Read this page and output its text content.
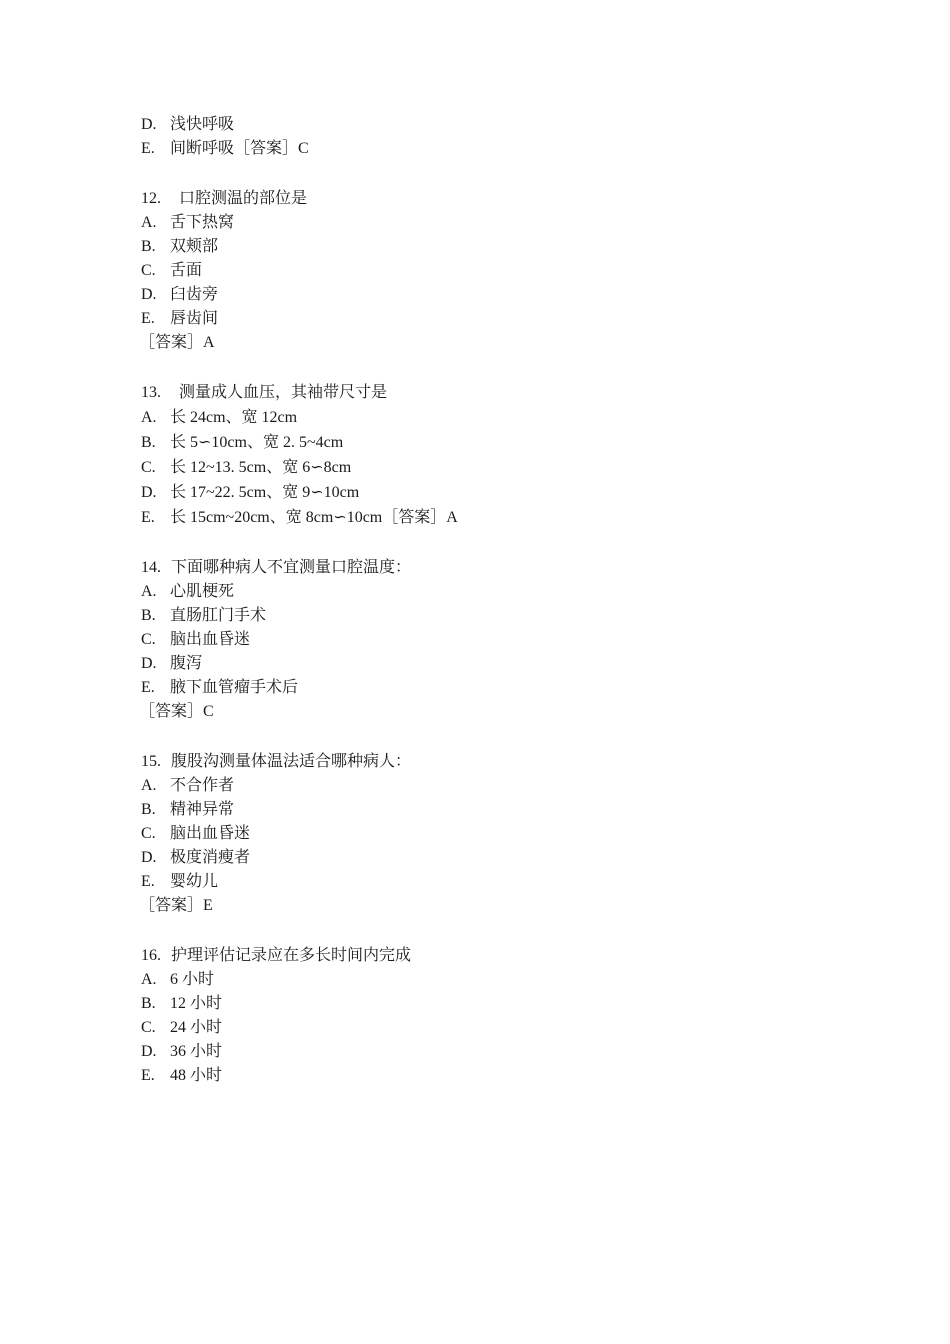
D. 浅快呼吸
E. 间断呼吸［答案］C
12. 口腔测温的部位是
A. 舌下热窝
B. 双颊部
C. 舌面
D. 臼齿旁
E. 唇齿间
［答案］A
13. 测量成人血压，其袖带尺寸是
A. 长 24cm、宽 12cm
B. 长 5∽10cm、宽 2. 5~4cm
C. 长 12~13. 5cm、宽 6∽8cm
D. 长 17~22. 5cm、宽 9∽10cm
E. 长 15cm~20cm、宽 8cm∽10cm［答案］A
14. 下面哪种病人不宜测量口腔温度：
A. 心肌梗死
B. 直肠肛门手术
C. 脑出血昏迷
D. 腹泻
E. 腋下血管瘤手术后
［答案］C
15. 腹股沟测量体温法适合哪种病人：
A. 不合作者
B. 精神异常
C. 脑出血昏迷
D. 极度消瘦者
E. 婴幼儿
［答案］E
16. 护理评估记录应在多长时间内完成
A. 6 小时
B. 12 小时
C. 24 小时
D. 36 小时
E. 48 小时
